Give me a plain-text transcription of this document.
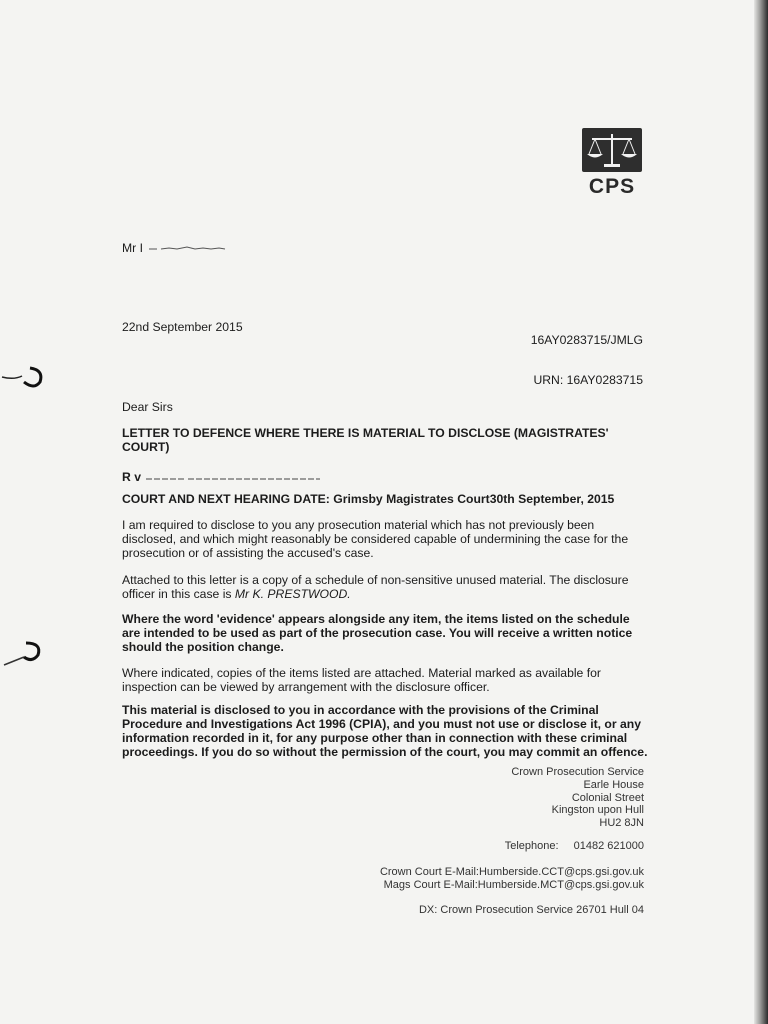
CPS
Mr I
22nd September 2015
16AY0283715/JMLG
URN: 16AY0283715
Dear Sirs
LETTER TO DEFENCE WHERE THERE IS MATERIAL TO DISCLOSE (MAGISTRATES'
COURT)
R v
COURT AND NEXT HEARING DATE: Grimsby Magistrates Court30th September, 2015
I am required to disclose to you any prosecution material which has not previously been disclosed, and which might reasonably be considered capable of undermining the case for the prosecution or of assisting the accused's case.
Attached to this letter is a copy of a schedule of non-sensitive unused material. The disclosure officer in this case is Mr K. PRESTWOOD.
Where the word 'evidence' appears alongside any item, the items listed on the schedule are intended to be used as part of the prosecution case. You will receive a written notice should the position change.
Where indicated, copies of the items listed are attached. Material marked as available for inspection can be viewed by arrangement with the disclosure officer.
This material is disclosed to you in accordance with the provisions of the Criminal Procedure and Investigations Act 1996 (CPIA), and you must not use or disclose it, or any information recorded in it, for any purpose other than in connection with these criminal proceedings. If you do so without the permission of the court, you may commit an offence.
Crown Prosecution Service
Earle House
Colonial Street
Kingston upon Hull
HU2 8JN
Telephone: 01482 621000
Crown Court E-Mail:Humberside.CCT@cps.gsi.gov.uk
Mags Court E-Mail:Humberside.MCT@cps.gsi.gov.uk
DX: Crown Prosecution Service 26701 Hull 04
